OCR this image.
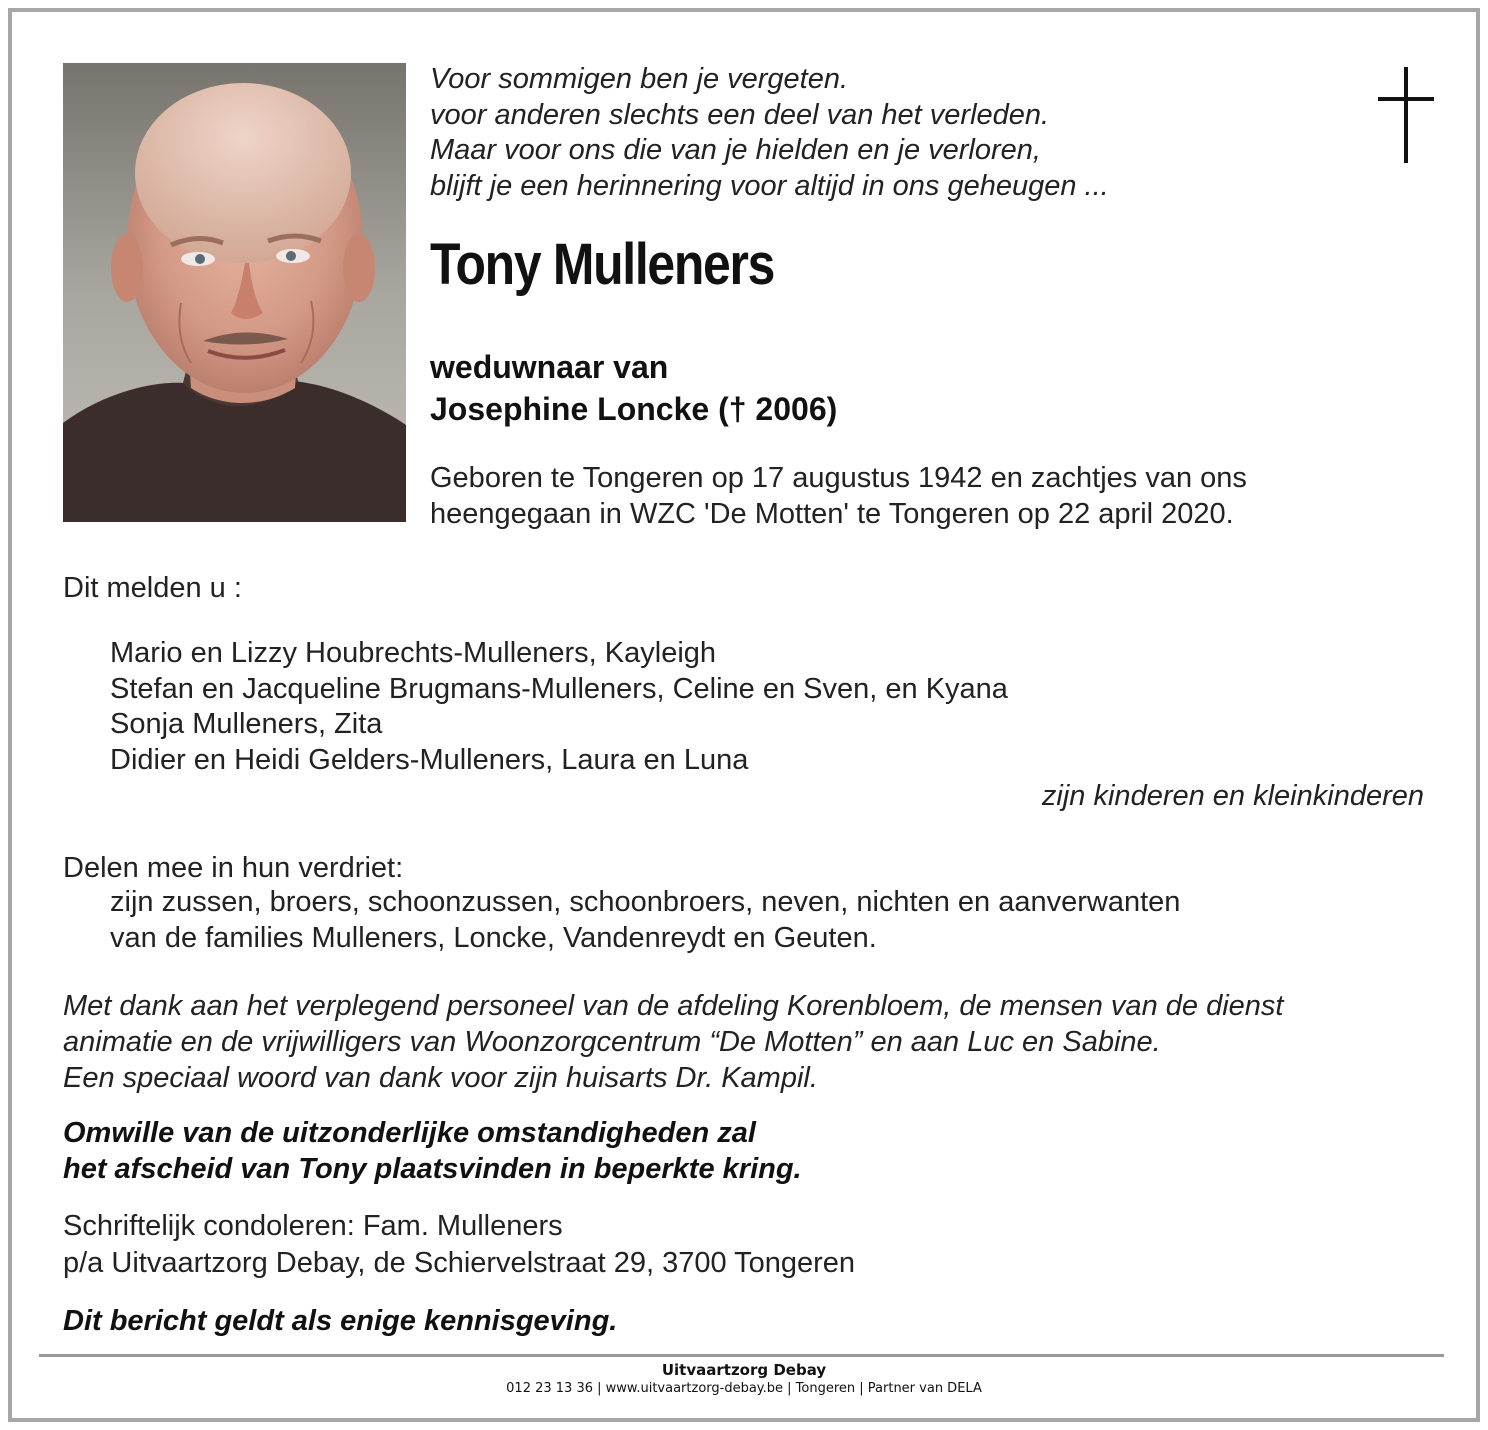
Voor sommigen ben je vergeten.
voor anderen slechts een deel van het verleden.
Maar voor ons die van je hielden en je verloren,
blijft je een herinnering voor altijd in ons geheugen ...
Tony Mulleners
weduwnaar van
Josephine Loncke († 2006)
Geboren te Tongeren op 17 augustus 1942 en zachtjes van ons
heengegaan in WZC 'De Motten' te Tongeren op 22 april 2020.
Dit melden u :
Mario en Lizzy Houbrechts-Mulleners, Kayleigh
Stefan en Jacqueline Brugmans-Mulleners, Celine en Sven, en Kyana
Sonja Mulleners, Zita
Didier en Heidi Gelders-Mulleners, Laura en Luna
zijn kinderen en kleinkinderen
Delen mee in hun verdriet:
zijn zussen, broers, schoonzussen, schoonbroers, neven, nichten en aanverwanten
van de families Mulleners, Loncke, Vandenreydt en Geuten.
Met dank aan het verplegend personeel van de afdeling Korenbloem, de mensen van de dienst
animatie en de vrijwilligers van Woonzorgcentrum “De Motten” en aan Luc en Sabine.
Een speciaal woord van dank voor zijn huisarts Dr. Kampil.
Omwille van de uitzonderlijke omstandigheden zal
het afscheid van Tony plaatsvinden in beperkte kring.
Schriftelijk condoleren: Fam. Mulleners
p/a Uitvaartzorg Debay, de Schiervelstraat 29, 3700 Tongeren
Dit bericht geldt als enige kennisgeving.
Uitvaartzorg Debay
012 23 13 36 | www.uitvaartzorg-debay.be | Tongeren | Partner van DELA
